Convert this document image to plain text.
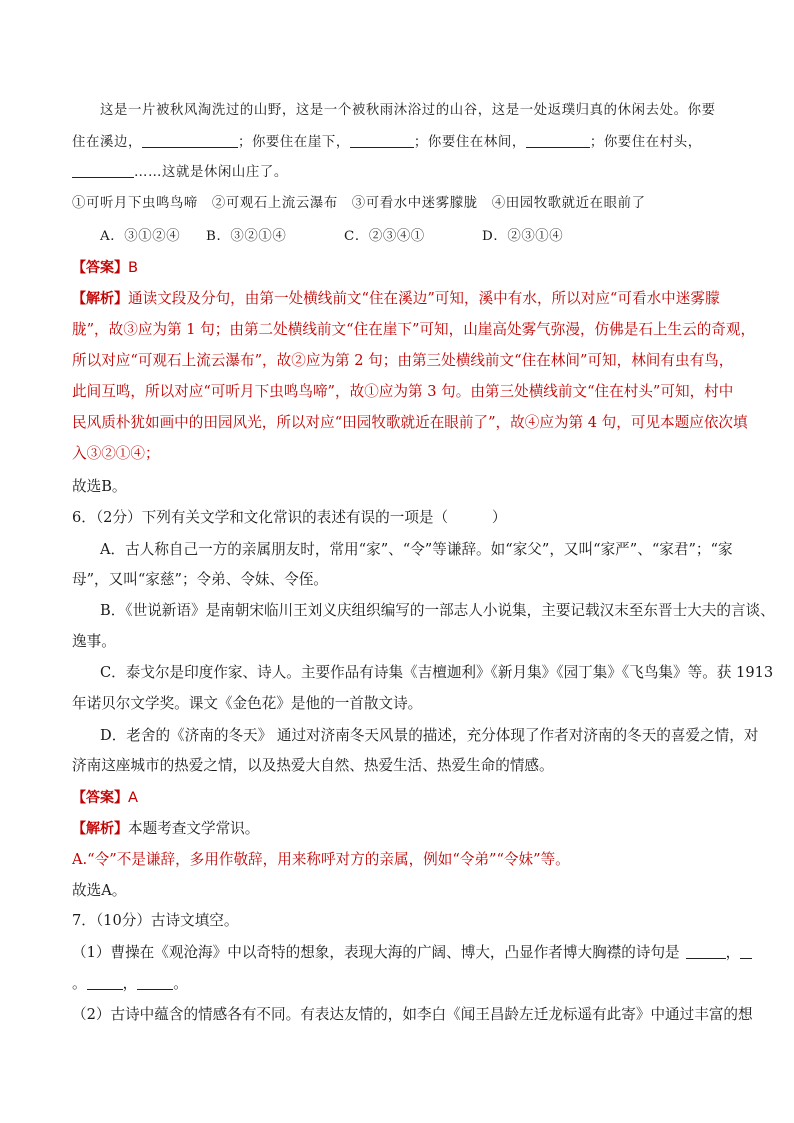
这是一片被秋风淘洗过的山野，这是一个被秋雨沐浴过的山谷，这是一处返璞归真的休闲去处。你要
住在溪边，	；你要住在崖下，	；你要住在林间，	；你要住在村头，
……这就是休闲山庄了。
①可听月下虫鸣鸟啼　②可观石上流云瀑布　③可看水中迷雾朦胧　④田园牧歌就近在眼前了
A．③①②④ B．③②①④	C．②③④①	D．②③①④
【答案】B
【解析】通读文段及分句，由第一处横线前文“住在溪边”可知，溪中有水，所以对应“可看水中迷雾朦
胧”，故③应为第 1 句；由第二处横线前文“住在崖下”可知，山崖高处雾气弥漫，仿佛是石上生云的奇观，
所以对应“可观石上流云瀑布”，故②应为第 2 句；由第三处横线前文“住在林间”可知，林间有虫有鸟，
此间互鸣，所以对应“可听月下虫鸣鸟啼”，故①应为第 3 句。由第三处横线前文“住在村头”可知，村中
民风质朴犹如画中的田园风光，所以对应“田园牧歌就近在眼前了”，故④应为第 4 句，可见本题应依次填
入③②①④；
故选B。
6．（2分）下列有关文学和文化常识的表述有误的一项是（　　　）
A．古人称自己一方的亲属朋友时，常用“家”、“令”等谦辞。如“家父”，又叫“家严”、“家君”；“家
母”，又叫“家慈”；令弟、令妹、令侄。
B．《世说新语》是南朝宋临川王刘义庆组织编写的一部志人小说集，主要记载汉末至东晋士大夫的言谈、
逸事。
C．泰戈尔是印度作家、诗人。主要作品有诗集《吉檀迦利》《新月集》《园丁集》《飞鸟集》等。获 1913
年诺贝尔文学奖。课文《金色花》是他的一首散文诗。
D．老舍的《济南的冬天》 通过对济南冬天风景的描述，充分体现了作者对济南的冬天的喜爱之情，对
济南这座城市的热爱之情，以及热爱大自然、热爱生活、热爱生命的情感。
【答案】A
【解析】本题考查文学常识。
A.“令”不是谦辞，多用作敬辞，用来称呼对方的亲属，例如“令弟”“令妹”等。
故选A。
7．（10分）古诗文填空。
（1）曹操在《观沧海》中以奇特的想象，表现大海的广阔、博大，凸显作者博大胸襟的诗句是	，
。 ， 。
（2）古诗中蕴含的情感各有不同。有表达友情的，如李白《闻王昌龄左迁龙标遥有此寄》中通过丰富的想
